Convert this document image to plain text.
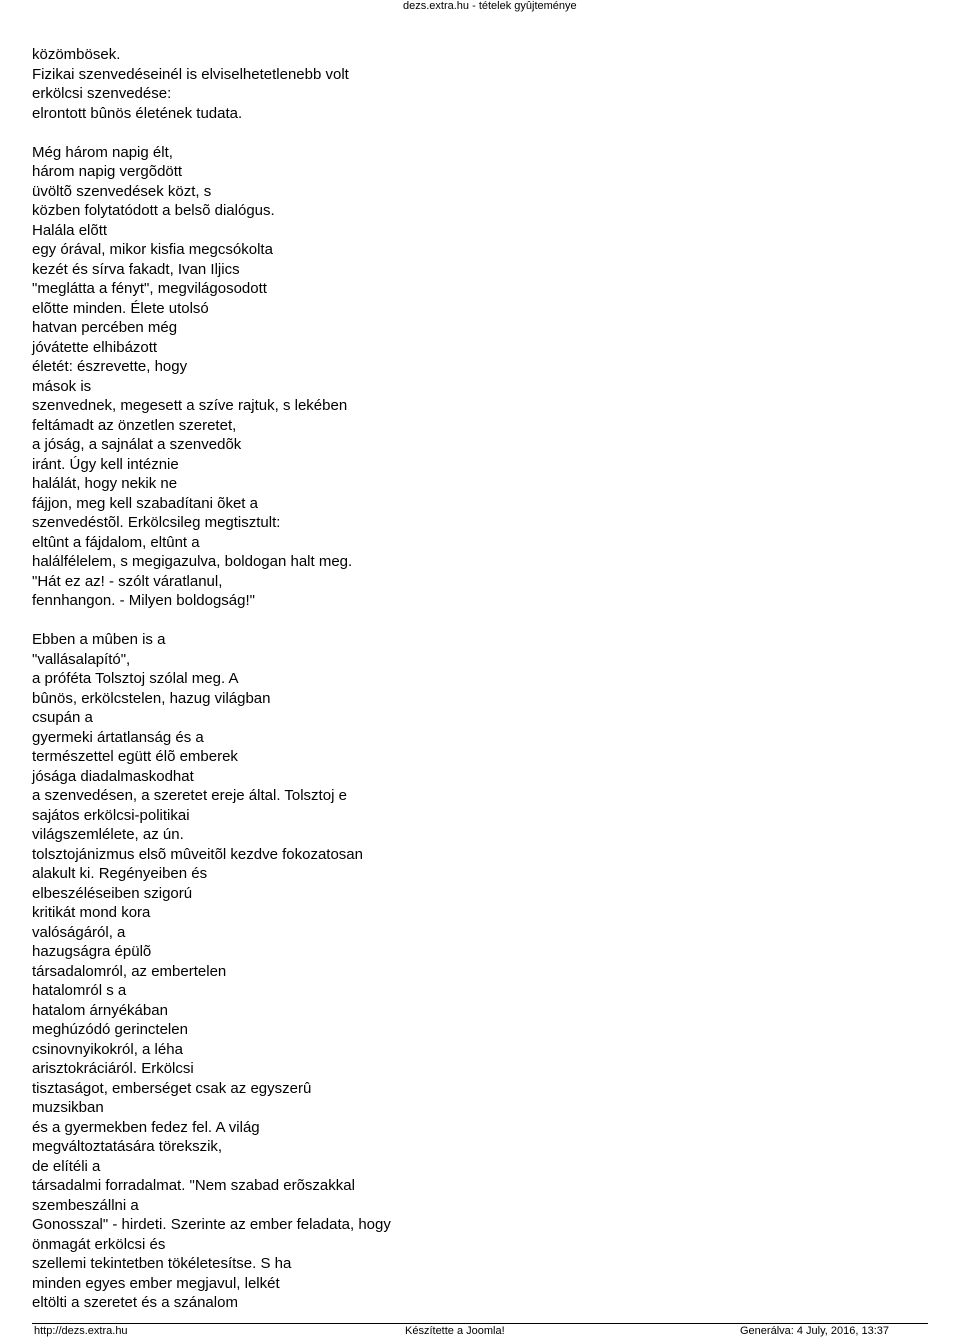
dezs.extra.hu - tételek gyûjteménye
közömbösek.
Fizikai szenvedéseinél is elviselhetetlenebb volt
erkölcsi szenvedése:
elrontott bûnös életének tudata.
Még három napig élt,
három napig vergõdött
üvöltõ szenvedések közt, s
közben folytatódott a belsõ dialógus.
Halála elõtt
egy órával, mikor kisfia megcsókolta
kezét és sírva fakadt, Ivan Iljics
"meglátta a fényt", megvilágosodott
elõtte minden. Élete utolsó
hatvan percében még
jóvátette elhibázott
életét: észrevette, hogy
mások is
szenvednek, megesett a szíve rajtuk, s lekében
feltámadt az önzetlen szeretet,
a jóság, a sajnálat a szenvedõk
iránt. Úgy kell intéznie
halálát, hogy nekik ne
fájjon, meg kell szabadítani õket a
szenvedéstõl. Erkölcsileg megtisztult:
eltûnt a fájdalom, eltûnt a
halálfélelem, s megigazulva, boldogan halt meg.
"Hát ez az! - szólt váratlanul,
fennhangon. - Milyen boldogság!"
Ebben a mûben is a
"vallásalapító",
a próféta Tolsztoj szólal meg. A
bûnös, erkölcstelen, hazug világban
csupán a
gyermeki ártatlanság és a
természettel egütt élõ emberek
jósága diadalmaskodhat
a szenvedésen, a szeretet ereje által. Tolsztoj e
sajátos erkölcsi-politikai
világszemlélete, az ún.
tolsztojánizmus elsõ mûveitõl kezdve fokozatosan
alakult ki. Regényeiben és
elbeszéléseiben szigorú
kritikát mond kora
valóságáról, a
hazugságra épülõ
társadalomról, az embertelen
hatalomról s a
hatalom árnyékában
meghúzódó gerinctelen
csinovnyikokról, a léha
arisztokráciáról. Erkölcsi
tisztaságot, emberséget csak az egyszerû
muzsikban
és a gyermekben fedez fel. A világ
megváltoztatására törekszik,
de elítéli a
társadalmi forradalmat. "Nem szabad erõszakkal
szembeszállni a
Gonosszal" - hirdeti. Szerinte az ember feladata, hogy
önmagát erkölcsi és
szellemi tekintetben tökéletesítse. S ha
minden egyes ember megjavul, lelkét
eltölti a szeretet és a szánalom
http://dezs.extra.hu	Készítette a Joomla!	Generálva: 4 July, 2016, 13:37
